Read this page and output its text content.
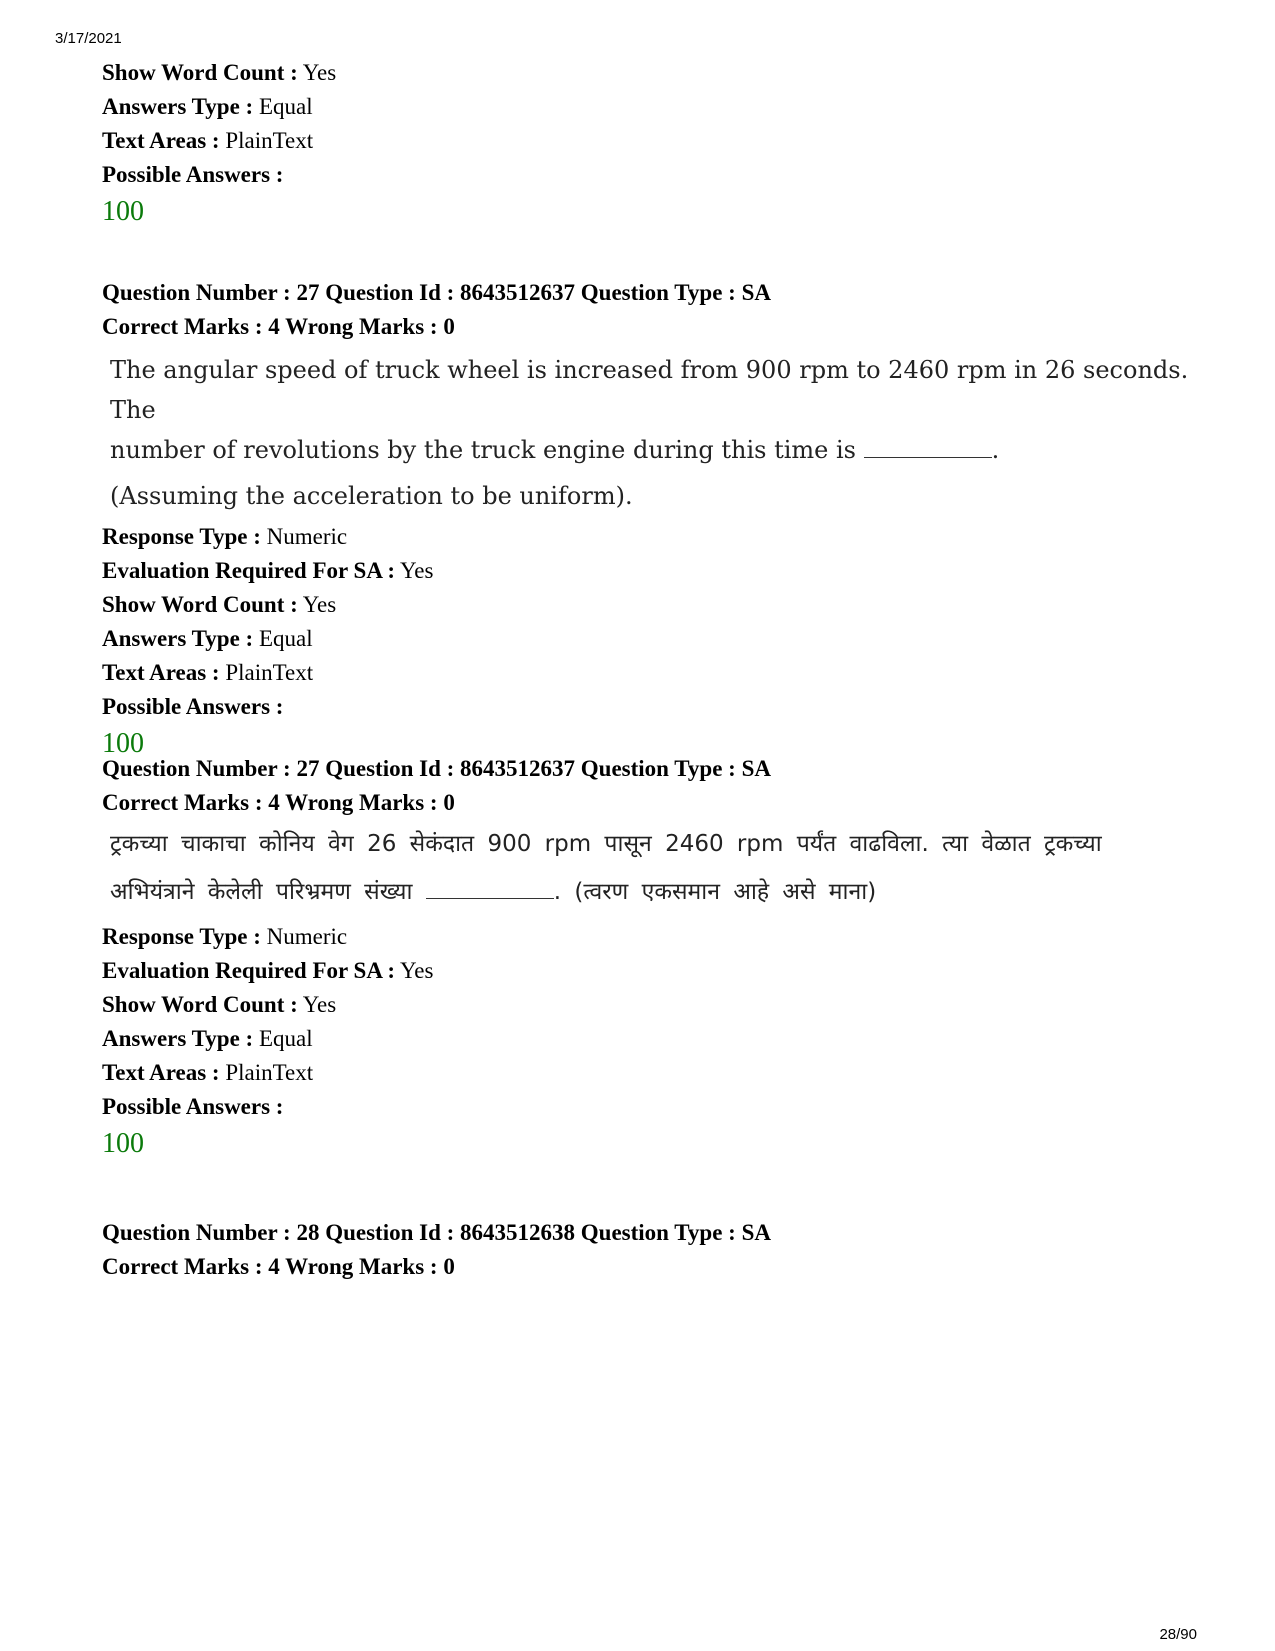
3/17/2021
Show Word Count : Yes
Answers Type : Equal
Text Areas : PlainText
Possible Answers :
100
Question Number : 27 Question Id : 8643512637 Question Type : SA
Correct Marks : 4 Wrong Marks : 0

The angular speed of truck wheel is increased from 900 rpm to 2460 rpm in 26 seconds. The

number of revolutions by the truck engine during this time is	.

(Assuming the acceleration to be uniform).

Response Type : Numeric
Evaluation Required For SA : Yes
Show Word Count : Yes
Answers Type : Equal
Text Areas : PlainText
Possible Answers :
100
Question Number : 27 Question Id : 8643512637 Question Type : SA
Correct Marks : 4 Wrong Marks : 0

ट्रकच्या चाकाचा कोनिय वेग 26 सेकंदात 900 rpm पासून 2460 rpm पर्यंत वाढविला. त्या वेळात ट्रकच्या

अभियंत्राने केलेली परिभ्रमण संख्या	. (त्वरण एकसमान आहे असे माना)

Response Type : Numeric
Evaluation Required For SA : Yes
Show Word Count : Yes
Answers Type : Equal
Text Areas : PlainText
Possible Answers :
100
Question Number : 28 Question Id : 8643512638 Question Type : SA
Correct Marks : 4 Wrong Marks : 0
28/90
